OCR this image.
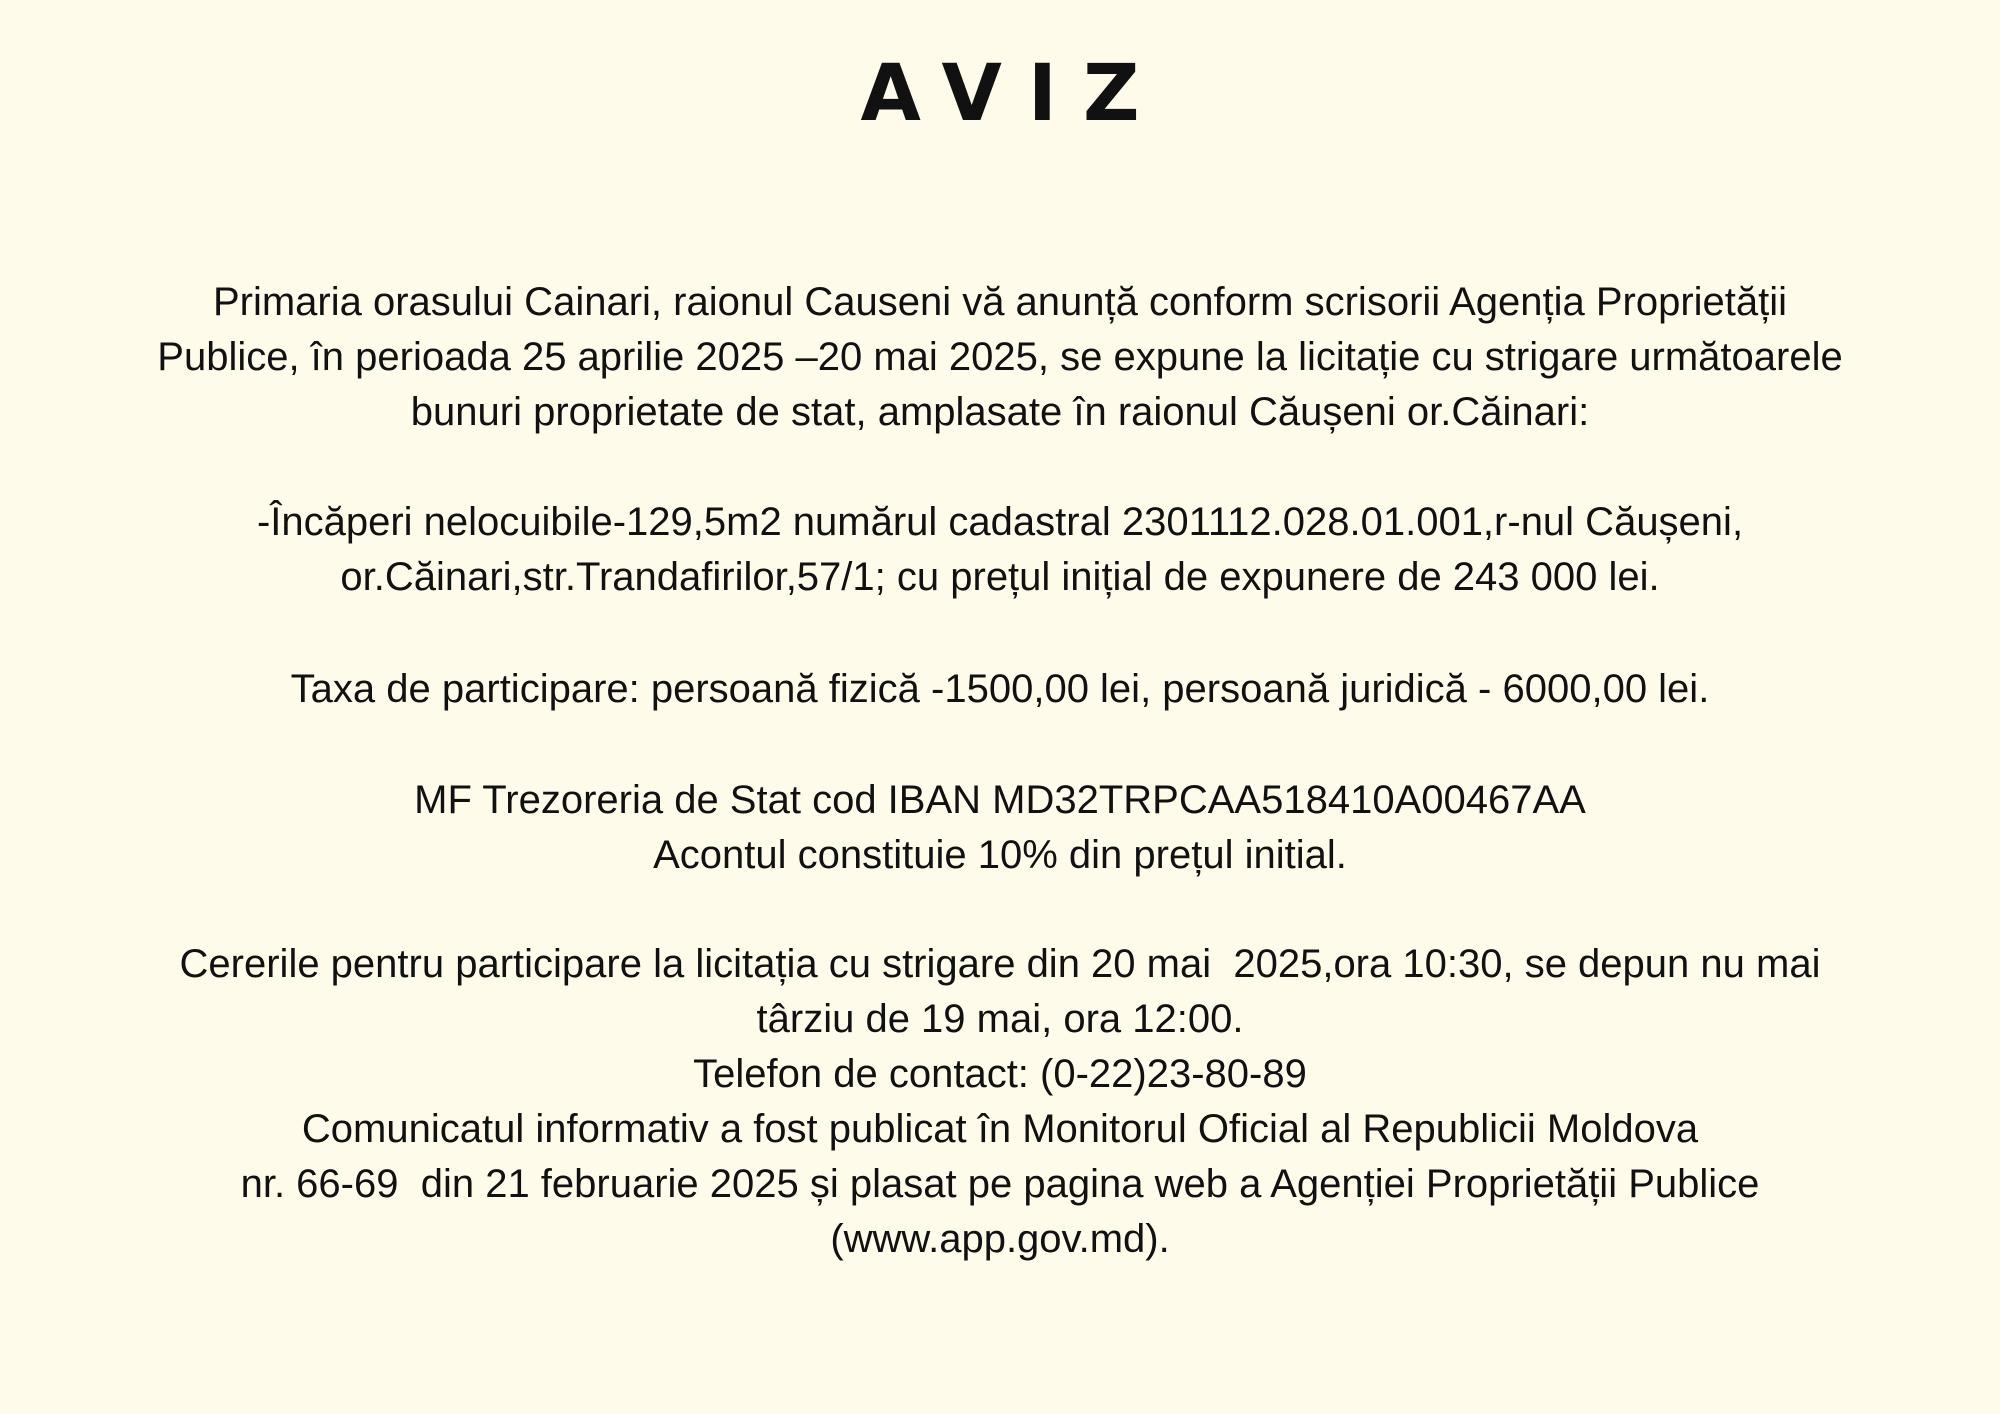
AVIZ
Primaria orasului Cainari, raionul Causeni vă anunță conform scrisorii Agenția Proprietății
Publice, în perioada 25 aprilie 2025 –20 mai 2025, se expune la licitație cu strigare următoarele
bunuri proprietate de stat, amplasate în raionul Căușeni or.Căinari:
-Încăperi nelocuibile-129,5m2 numărul cadastral 2301112.028.01.001,r-nul Căușeni,
or.Căinari,str.Trandafirilor,57/1; cu prețul inițial de expunere de 243 000 lei.
Taxa de participare: persoană fizică -1500,00 lei, persoană juridică - 6000,00 lei.
MF Trezoreria de Stat cod IBAN MD32TRPCAA518410A00467AA
Acontul constituie 10% din prețul initial.
Cererile pentru participare la licitația cu strigare din 20 mai  2025,ora 10:30, se depun nu mai
târziu de 19 mai, ora 12:00.
Telefon de contact: (0-22)23-80-89
Comunicatul informativ a fost publicat în Monitorul Oficial al Republicii Moldova
nr. 66-69  din 21 februarie 2025 și plasat pe pagina web a Agenției Proprietății Publice
(www.app.gov.md).
